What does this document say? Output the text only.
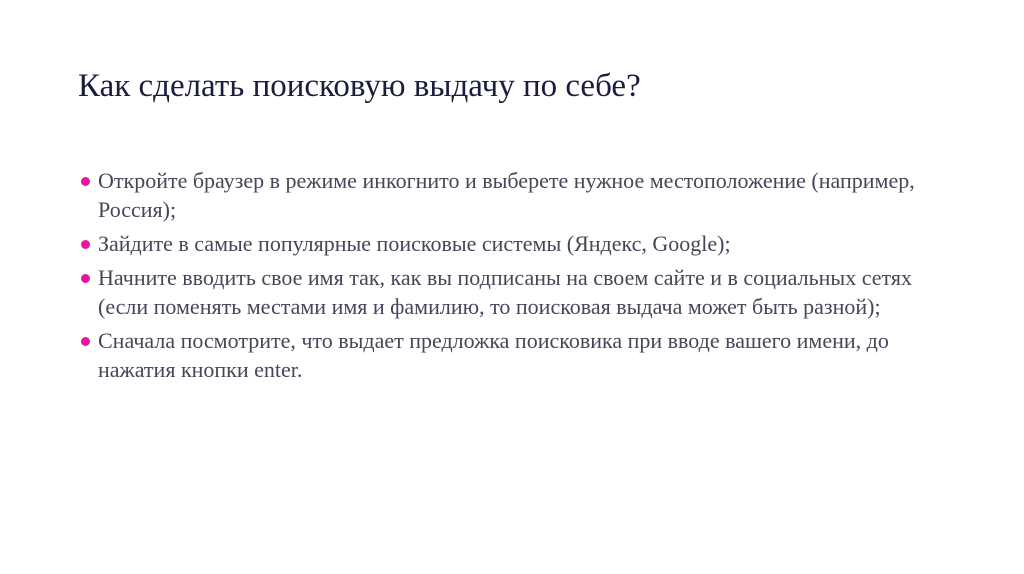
Как сделать поисковую выдачу по себе?
Откройте браузер в режиме инкогнито и выберете нужное местоположение (например, Россия);
Зайдите в самые популярные поисковые системы (Яндекс, Google);
Начните вводить свое имя так, как вы подписаны на своем сайте и в социальных сетях (если поменять местами имя и фамилию, то поисковая выдача может быть разной);
Сначала посмотрите, что выдает предложка поисковика при вводе вашего имени, до нажатия кнопки enter.
